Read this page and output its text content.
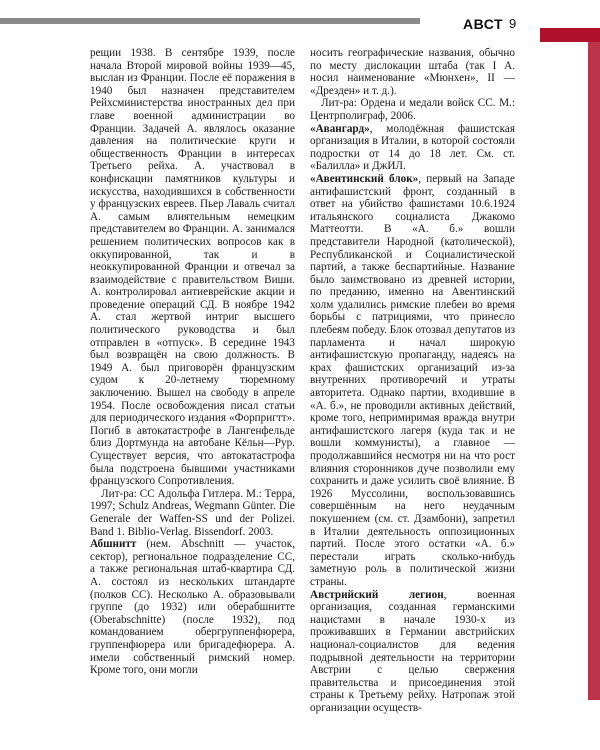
АВСТ 9

рещии 1938. В сентябре 1939, после начала Второй мировой войны 1939—45, выслан из Франции. После её поражения в 1940 был назначен представителем Рейхсминистерства иностранных дел при главе военной администрации во Франции. Задачей А. являлось оказание давления на политические круги и общественность Франции в интересах Третьего рейха. А. участвовал в конфискации памятников культуры и искусства, находившихся в собственности у французских евреев. Пьер Лаваль считал А. самым влиятельным немецким представителем во Франции. А. занимался решением политических вопросов как в оккупированной, так и в неоккупированной Франции и отвечал за взаимодействие с правительством Виши. А. контролировал антиеврейские акции и проведение операций СД. В ноябре 1942 А. стал жертвой интриг высшего политического руководства и был отправлен в «отпуск». В середине 1943 был возвращён на свою должность. В 1949 А. был приговорён французским судом к 20-летнему тюремному заключению. Вышел на свободу в апреле 1954. После освобождения писал статьи для периодического издания «Форпригтт». Погиб в автокатастрофе в Лангенфельде близ Дортмунда на автобане Кёльн—Рур. Существует версия, что автокатастрофа была подстроена бывшими участниками французского Сопротивления.

Лит-ра: СС Адольфа Гитлера. М.: Терра, 1997; Schulz Andreas, Wegmann Günter. Die Generale der Waffen-SS und der Polizei. Band 1. Biblio-Verlag. Bissendorf. 2003.

Абшнитт (нем. Abschnitt — участок, сектор), региональное подразделение СС, а также региональная штаб-квартира СД. А. состоял из нескольких штандарте (полков СС). Несколько А. образовывали группе (до 1932) или оберабшнитте (Oberabschnitte) (после 1932), под командованием обергруппенфюрера, группенфюрера или бригадефюрера. А. имели собственный римский номер. Кроме того, они могли

носить географические названия, обычно по месту дислокации штаба (так I А. носил наименование «Мюнхен», II — «Дрезден» и т. д.).

Лит-ра: Ордена и медали войск СС. М.: Центрполиграф, 2006.

«Авангард», молодёжная фашистская организация в Италии, в которой состояли подростки от 14 до 18 лет. См. ст. «Балилла» и ДжИЛ.

«Авентинский блок», первый на Западе антифашистский фронт, созданный в ответ на убийство фашистами 10.6.1924 итальянского социалиста Джакомо Маттеотти. В «А. б.» вошли представители Народной (католической), Республиканской и Социалистической партий, а также беспартийные. Название было заимствовано из древней истории, по преданию, именно на Авентинский холм удалились римские плебеи во время борьбы с патрициями, что принесло плебеям победу. Блок отозвал депутатов из парламента и начал широкую антифашистскую пропаганду, надеясь на крах фашистских организаций из-за внутренних противоречий и утраты авторитета. Однако партии, входившие в «А. б.», не проводили активных действий, кроме того, непримиримая вражда внутри антифашистского лагеря (куда так и не вошли коммунисты), а главное — продолжавшийся несмотря ни на что рост влияния сторонников дуче позволили ему сохранить и даже усилить своё влияние. В 1926 Муссолини, воспользовавшись совершённым на него неудачным покушением (см. ст. Дзамбони), запретил в Италии деятельность оппозиционных партий. После этого остатки «А. б.» перестали играть сколько-нибудь заметную роль в политической жизни страны.

Австрийский легион, военная организация, созданная германскими нацистами в начале 1930-х из проживавших в Германии австрийских национал-социалистов для ведения подрывной деятельности на территории Австрии с целью свержения правительства и присоединения этой страны к Третьему рейху. Натропаж этой организации осуществ-
